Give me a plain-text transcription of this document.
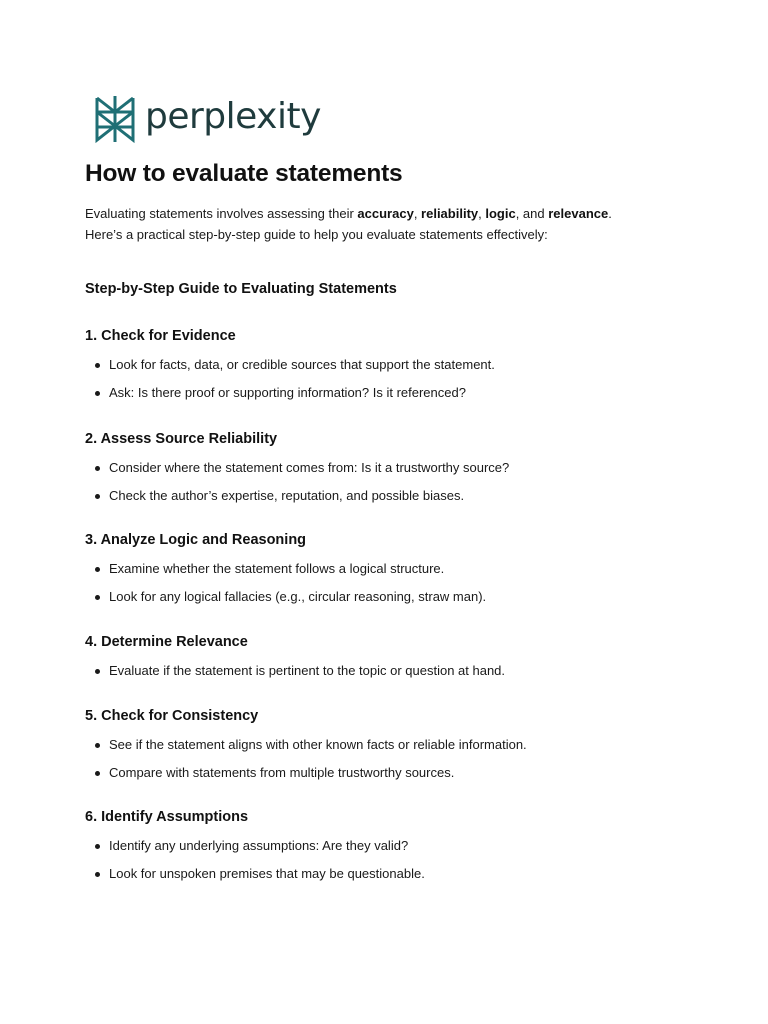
perplexity
How to evaluate statements
Evaluating statements involves assessing their accuracy, reliability, logic, and relevance.
Here’s a practical step-by-step guide to help you evaluate statements effectively:
Step-by-Step Guide to Evaluating Statements
1. Check for Evidence
Look for facts, data, or credible sources that support the statement.
Ask: Is there proof or supporting information? Is it referenced?
2. Assess Source Reliability
Consider where the statement comes from: Is it a trustworthy source?
Check the author’s expertise, reputation, and possible biases.
3. Analyze Logic and Reasoning
Examine whether the statement follows a logical structure.
Look for any logical fallacies (e.g., circular reasoning, straw man).
4. Determine Relevance
Evaluate if the statement is pertinent to the topic or question at hand.
5. Check for Consistency
See if the statement aligns with other known facts or reliable information.
Compare with statements from multiple trustworthy sources.
6. Identify Assumptions
Identify any underlying assumptions: Are they valid?
Look for unspoken premises that may be questionable.
